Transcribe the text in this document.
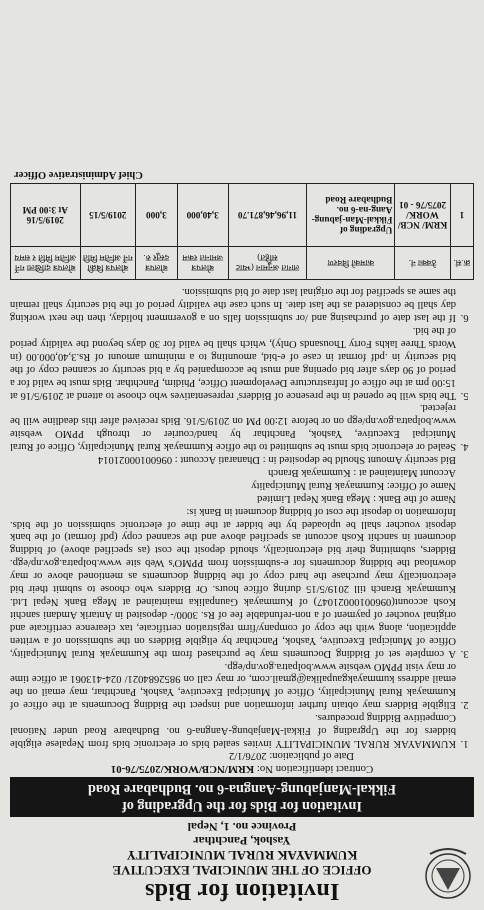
Invitation for Bids

OFFICE OF THE MUNICIPAL EXECUTIVE

KUMMAYAK RURAL MUNICIPALITY

Yashok, Panchthar

Province no. 1, Nepal

Invitation for Bids for the Upgrading of
Fikkal-Manjabung-Aangna-6 no. Budhabare Road
Contract identification No: KRM/NCB/WORK/2075/76-01
Date of publication: 2076/1/2
1. KUMMAYAK RURAL MUNICIPALITY invites sealed bids or electronic bids from Nepalese eligible bidders for the Upgrading of Fikkal-Manjabung-Aangna-6 no. Budhabare Road under National Competitive Bidding procedures.
2. Eligible Bidders may obtain further information and inspect the Bidding Documents at the office of Kummayak Rural Municipality, Office of Municipal Executive, Yashok, Panchthar, may email on the email address kummayakgaupalika@gmail.com, or may call on 9852684021/ 024-413061 at office time or may visit PPMO website www.bolpatra.gov.np/egp.
3. A complete set of Bidding Documents may be purchased from the Kummayak Rural Municipality, Office of Municipal Executive, Yashok, Panchthar by eligible Bidders on the submission of a written application, along with the copy of company/firm registration certificate, tax clearence certificate and original voucher of payment of a non-refundable fee of Rs. 3000/- deposited in Antarik Amdani sanchit Kosh account(09600100021047) of Kummayak Gaunpalika maintained at Mega Bank Nepal Ltd. Kummayak Branch till 2019/5/15 during office hours. Or Bidders who choose to submit their bid electronically may purchase the hard copy of the bidding documents as mentioned above or may download the bidding documents for e-submission from PPMO's Web site www.bolpatra.gov.np/egp. Bidders, submitting their bid electronically, should deposit the cost (as specified above) of bidding document in sanchit Kosh account as specified above and the scanned copy (pdf format) of the bank deposit voucher shall be uploaded by the bidder at the time of electronic submission of the bids. Information to deposit the cost of bidding document in Bank is:
Name of the Bank : Mega Bank Nepal Limited
Name of Office: Kummayak Rural Municipality
Account Maintained at : Kummayak Branch
Bid security Amount Should be deposited in : Dhanarati Account : 09600100021014
4. Sealed or electronic bids must be submitted to the office Kummayak Rural Municipality, Office of Rural Municipal Executive, Yashok, Panchthar by hand/courier or through PPMO website www.bolpatra.gov.np/egp on or before 12:00 PM on 2019/5/16. Bids received after this deadline will be rejected.
5. The bids will be opened in the presence of Bidders' representatives who choose to attend at 2019/5/16 at 15:00 pm at the office of Infrastructure Development Office, Phidim, Panchthar. Bids must be valid for a period of 90 days after bid opening and must be accompanied by a bid security or scanned copy of the bid security in .pdf format in case of e-bid, amounting to a minimum amount of Rs.3,40,000.00 (in Words Three lakhs Forty Thousands Only), which shall be valid for 30 days beyond the validity period of the bid.
6. If the last date of purchasing and /or submission falls on a government holiday, then the next working day shall be considered as the last date. In such case the validity period of the bid security shall remain the same as specified for the original last date of bid submission.
क्र.सं.	ठेक्का नं.	कामको विवरण	लागत अनुमान (भ्याट सहित)	बोलपत्र जमानत रकम	बोलपत्र दस्तुर रु.	बोलपत्र बिक्री गर्ने अन्तिम मिति	बोलपत्र दाखिला गर्ने अन्तिम मिति र समय
1	KRM/ NCB/ WORK/ 2075/76 - 01	Upgrading of Fikkal-Man-jabung-Aang-na-6 no. Budhabare Road	11,96,46,871.70	3,40,000	3,000	2019/5/15	2019/5/16
At 3:00 PM
Chief Administrative Officer
